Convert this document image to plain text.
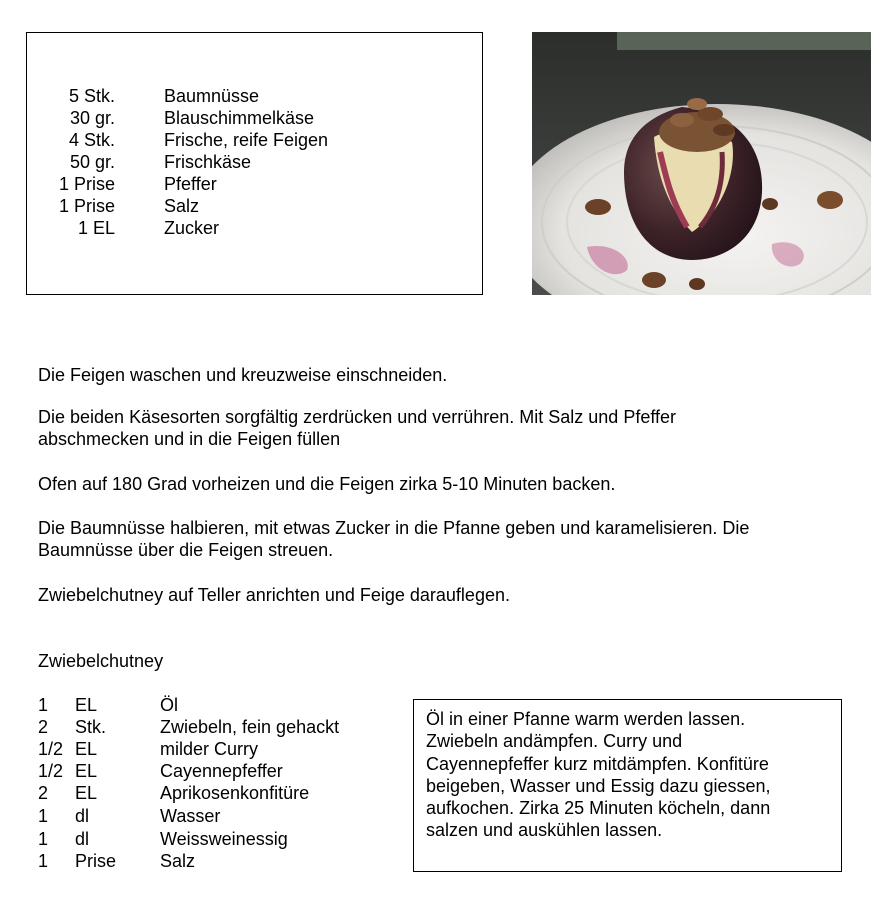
5 Stk.	Baumnüsse
30 gr.	Blauschimmelkäse
4 Stk.	Frische, reife Feigen
50 gr.	Frischkäse
1 Prise	Pfeffer
1 Prise	Salz
1 EL	Zucker
Die Feigen waschen und kreuzweise einschneiden.
Die beiden Käsesorten sorgfältig zerdrücken und verrühren. Mit Salz und Pfeffer
abschmecken und in die Feigen füllen
Ofen auf 180 Grad vorheizen und die Feigen zirka 5-10 Minuten backen.
Die Baumnüsse halbieren, mit etwas Zucker in die Pfanne geben und karamelisieren. Die
Baumnüsse über die Feigen streuen.
Zwiebelchutney auf Teller anrichten und Feige darauflegen.
Zwiebelchutney
1 EL	Öl
2 Stk.	Zwiebeln, fein gehackt
1/2 EL	milder Curry
1/2 EL	Cayennepfeffer
2 EL	Aprikosenkonfitüre
1 dl	Wasser
1 dl	Weissweinessig
1 Prise Salz

Öl in einer Pfanne warm werden lassen.
Zwiebeln andämpfen. Curry und
Cayennepfeffer kurz mitdämpfen. Konfitüre
beigeben, Wasser und Essig dazu giessen,
aufkochen. Zirka 25 Minuten köcheln, dann
salzen und auskühlen lassen.
